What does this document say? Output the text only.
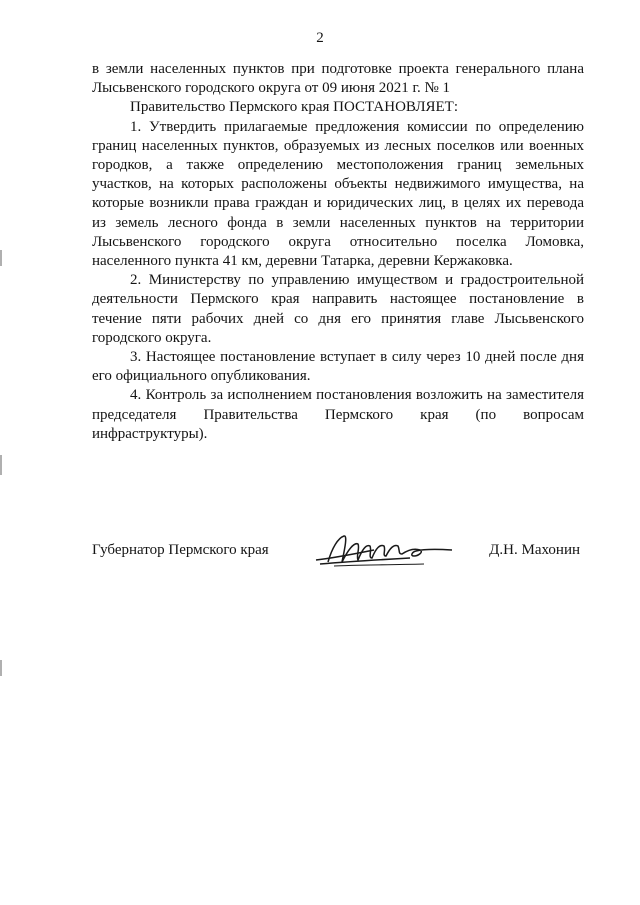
2

в земли населенных пунктов при подготовке проекта генерального плана Лысьвенского городского округа от 09 июня 2021 г. № 1

Правительство Пермского края ПОСТАНОВЛЯЕТ:

1. Утвердить прилагаемые предложения комиссии по определению границ населенных пунктов, образуемых из лесных поселков или военных городков, а также определению местоположения границ земельных участков, на которых расположены объекты недвижимого имущества, на которые возникли права граждан и юридических лиц, в целях их перевода из земель лесного фонда в земли населенных пунктов на территории Лысьвенского городского округа относительно поселка Ломовка, населенного пункта 41 км, деревни Татарка, деревни Кержаковка.

2. Министерству по управлению имуществом и градостроительной деятельности Пермского края направить настоящее постановление в течение пяти рабочих дней со дня его принятия главе Лысьвенского городского округа.

3. Настоящее постановление вступает в силу через 10 дней после дня его официального опубликования.

4. Контроль за исполнением постановления возложить на заместителя председателя Правительства Пермского края (по вопросам инфраструктуры).

Губернатор Пермского края	Д.Н. Махонин
